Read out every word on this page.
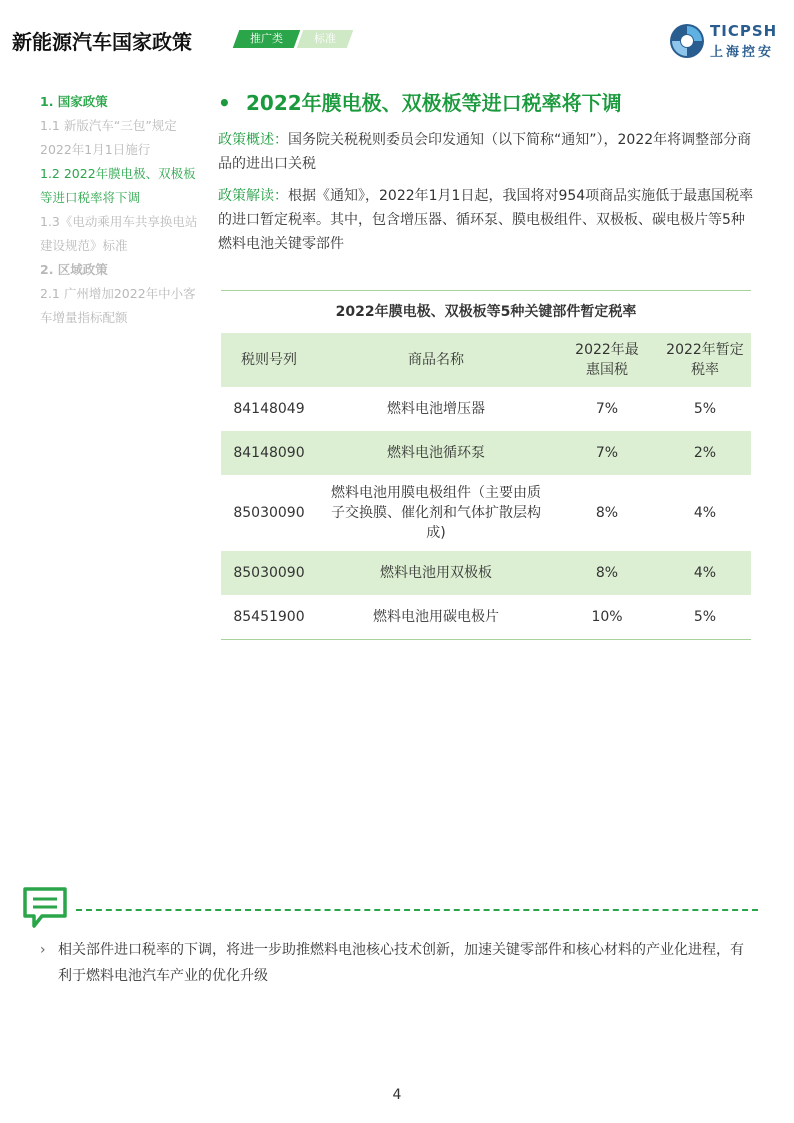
新能源汽车国家政策	推广类	标准	TICPSH
上海控安
1. 国家政策
1.1 新版汽车“三包”规定 2022年1月1日施行
1.2 2022年膜电极、双极板等进口税率将下调
1.3《电动乘用车共享换电站建设规范》标准
2. 区域政策
2.1 广州增加2022年中小客车增量指标配额
• 2022年膜电极、双极板等进口税率将下调
政策概述：国务院关税税则委员会印发通知（以下简称“通知”），2022年将调整部分商品的进出口关税
政策解读：根据《通知》，2022年1月1日起，我国将对954项商品实施低于最惠国税率的进口暂定税率。其中，包含增压器、循环泵、膜电极组件、双极板、碳电极片等5种燃料电池关键零部件
2022年膜电极、双极板等5种关键部件暂定税率
税则号列	商品名称	2022年最惠国税	2022年暂定税率

84148049	燃料电池增压器	7%	5%
84148090	燃料电池循环泵	7%	2%
85030090	燃料电池用膜电极组件（主要由质子交换膜、催化剂和气体扩散层构成)	8%	4%
85030090	燃料电池用双极板	8%	4%
85451900	燃料电池用碳电极片	10%	5%
› 相关部件进口税率的下调，将进一步助推燃料电池核心技术创新，加速关键零部件和核心材料的产业化进程，有利于燃料电池汽车产业的优化升级
4
